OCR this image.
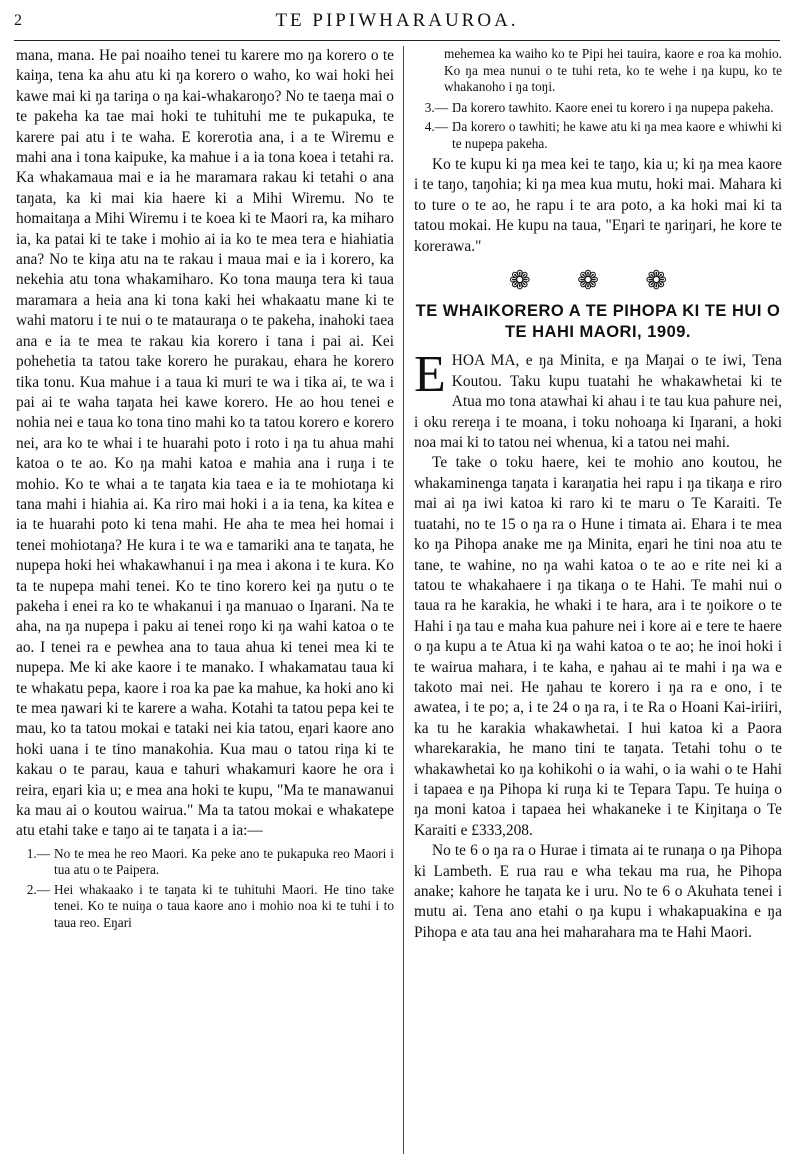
2	TE PIPIWHARAUROA.

mana, mana. He pai noaiho tenei tu karere mo ŋa korero o te kaiŋa, tena ka ahu atu ki ŋa korero o waho, ko wai hoki hei kawe mai ki ŋa tariŋa o ŋa kai-whakaroŋo? No te taeŋa mai o te pakeha ka tae mai hoki te tuhituhi me te pukapuka, te karere pai atu i te waha. E korerotia ana, i a te Wiremu e mahi ana i tona kaipuke, ka mahue i a ia tona koea i tetahi ra. Ka whakamaua mai e ia he maramara rakau ki tetahi o ana taŋata, ka ki mai kia haere ki a Mihi Wiremu. No te homaitaŋa a Mihi Wiremu i te koea ki te Maori ra, ka miharo ia, ka patai ki te take i mohio ai ia ko te mea tera e hiahiatia ana? No te kiŋa atu na te rakau i maua mai e ia i korero, ka nekehia atu tona whakamiharo. Ko tona mauŋa tera ki taua maramara a heia ana ki tona kaki hei whakaatu mane ki te wahi matoru i te nui o te matauraŋa o te pakeha, inahoki taea ana e ia te mea te rakau kia korero i tana i pai ai. Kei pohehetia ta tatou take korero he purakau, ehara he korero tika tonu. Kua mahue i a taua ki muri te wa i tika ai, te wa i pai ai te waha taŋata hei kawe korero. He ao hou tenei e nohia nei e taua ko tona tino mahi ko ta tatou korero e korero nei, ara ko te whai i te huarahi poto i roto i ŋa tu ahua mahi katoa o te ao. Ko ŋa mahi katoa e mahia ana i ruŋa i te mohio. Ko te whai a te taŋata kia taea e ia te mohiotaŋa ki tana mahi i hiahia ai. Ka riro mai hoki i a ia tena, ka kitea e ia te huarahi poto ki tena mahi. He aha te mea hei homai i tenei mohiotaŋa? He kura i te wa e tamariki ana te taŋata, he nupepa hoki hei whakawhanui i ŋa mea i akona i te kura. Ko ta te nupepa mahi tenei. Ko te tino korero kei ŋa ŋutu o te pakeha i enei ra ko te whakanui i ŋa manuao o Iŋarani. Na te aha, na ŋa nupepa i paku ai tenei roŋo ki ŋa wahi katoa o te ao. I tenei ra e pewhea ana to taua ahua ki tenei mea ki te nupepa. Me ki ake kaore i te manako. I whakamatau taua ki te whakatu pepa, kaore i roa ka pae ka mahue, ka hoki ano ki te mea ŋawari ki te karere a waha. Kotahi ta tatou pepa kei te mau, ko ta tatou mokai e tataki nei kia tatou, eŋari kaore ano hoki uana i te tino manakohia. Kua mau o tatou riŋa ki te kakau o te parau, kaua e tahuri whakamuri kaore he ora i reira, eŋari kia u; e mea ana hoki te kupu, "Ma te manawanui ka mau ai o koutou wairua." Ma ta tatou mokai e whakatepe atu etahi take e taŋo ai te taŋata i a ia:—

1.— No te mea he reo Maori. Ka peke ano te pukapuka reo Maori i tua atu o te Paipera.
2.— Hei whakaako i te taŋata ki te tuhituhi Maori. He tino take tenei. Ko te nuiŋa o taua kaore ano i mohio noa ki te tuhi i to taua reo. Eŋari
mehemea ka waiho ko te Pipi hei tauira, kaore e roa ka mohio. Ko ŋa mea nunui o te tuhi reta, ko te wehe i ŋa kupu, ko te whakanoho i ŋa toŋi.
3.— Ŋa korero tawhito. Kaore enei tu korero i ŋa nupepa pakeha.
4.— Ŋa korero o tawhiti; he kawe atu ki ŋa mea kaore e whiwhi ki te nupepa pakeha.

Ko te kupu ki ŋa mea kei te taŋo, kia u; ki ŋa mea kaore i te taŋo, taŋohia; ki ŋa mea kua mutu, hoki mai. Mahara ki to ture o te ao, he rapu i te ara poto, a ka hoki mai ki ta tatou mokai. He kupu na taua, "Eŋari te ŋariŋari, he kore te korerawa."

❁ ❁ ❁
TE WHAIKORERO A TE PIHOPA KI TE HUI O TE HAHI MAORI, 1909.

EHOA MA, e ŋa Minita, e ŋa Maŋai o te iwi, Tena Koutou. Taku kupu tuatahi he whakawhetai ki te Atua mo tona atawhai ki ahau i te tau kua pahure nei, i oku rereŋa i te moana, i toku nohoaŋa ki Iŋarani, a hoki noa mai ki to tatou nei whenua, ki a tatou nei mahi.

Te take o toku haere, kei te mohio ano koutou, he whakaminenga taŋata i karaŋatia hei rapu i ŋa tikaŋa e riro mai ai ŋa iwi katoa ki raro ki te maru o Te Karaiti. Te tuatahi, no te 15 o ŋa ra o Hune i timata ai. Ehara i te mea ko ŋa Pihopa anake me ŋa Minita, eŋari he tini noa atu te tane, te wahine, no ŋa wahi katoa o te ao e rite nei ki a tatou te whakahaere i ŋa tikaŋa o te Hahi. Te mahi nui o taua ra he karakia, he whaki i te hara, ara i te ŋoikore o te Hahi i ŋa tau e maha kua pahure nei i kore ai e tere te haere o ŋa kupu a te Atua ki ŋa wahi katoa o te ao; he inoi hoki i te wairua mahara, i te kaha, e ŋahau ai te mahi i ŋa wa e takoto mai nei. He ŋahau te korero i ŋa ra e ono, i te awatea, i te po; a, i te 24 o ŋa ra, i te Ra o Hoani Kai-iriiri, ka tu he karakia whakawhetai. I hui katoa ki a Paora wharekarakia, he mano tini te taŋata. Tetahi tohu o te whakawhetai ko ŋa kohikohi o ia wahi, o ia wahi o te Hahi i tapaea e ŋa Pihopa ki ruŋa ki te Tepara Tapu. Te huiŋa o ŋa moni katoa i tapaea hei whakaneke i te Kiŋitaŋa o Te Karaiti e £333,208.

No te 6 o ŋa ra o Hurae i timata ai te runaŋa o ŋa Pihopa ki Lambeth. E rua rau e wha tekau ma rua, he Pihopa anake; kahore he taŋata ke i uru. No te 6 o Akuhata tenei i mutu ai. Tena ano etahi o ŋa kupu i whakapuakina e ŋa Pihopa e ata tau ana hei maharahara ma te Hahi Maori.
